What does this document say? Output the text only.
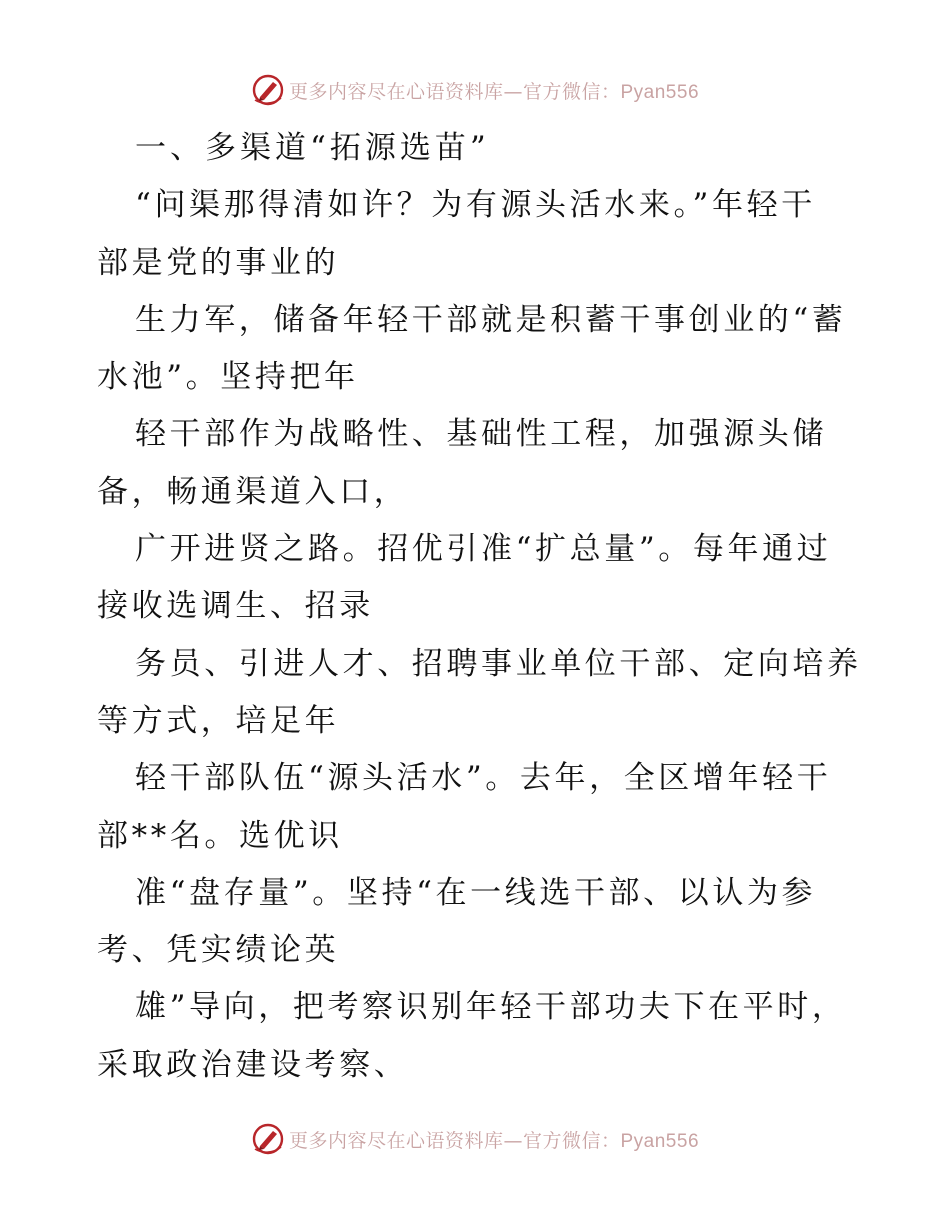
更多内容尽在心语资料库—官方微信：Pyan556
一、多渠道“拓源选苗”
“问渠那得清如许？为有源头活水来。”年轻干
部是党的事业的
生力军，储备年轻干部就是积蓄干事创业的“蓄
水池”。坚持把年
轻干部作为战略性、基础性工程，加强源头储
备，畅通渠道入口，
广开进贤之路。招优引准“扩总量”。每年通过
接收选调生、招录
务员、引进人才、招聘事业单位干部、定向培养
等方式，培足年
轻干部队伍“源头活水”。去年，全区增年轻干
部**名。选优识
准“盘存量”。坚持“在一线选干部、以认为参
考、凭实绩论英
雄”导向，把考察识别年轻干部功夫下在平时，
采取政治建设考察、
更多内容尽在心语资料库—官方微信：Pyan556
